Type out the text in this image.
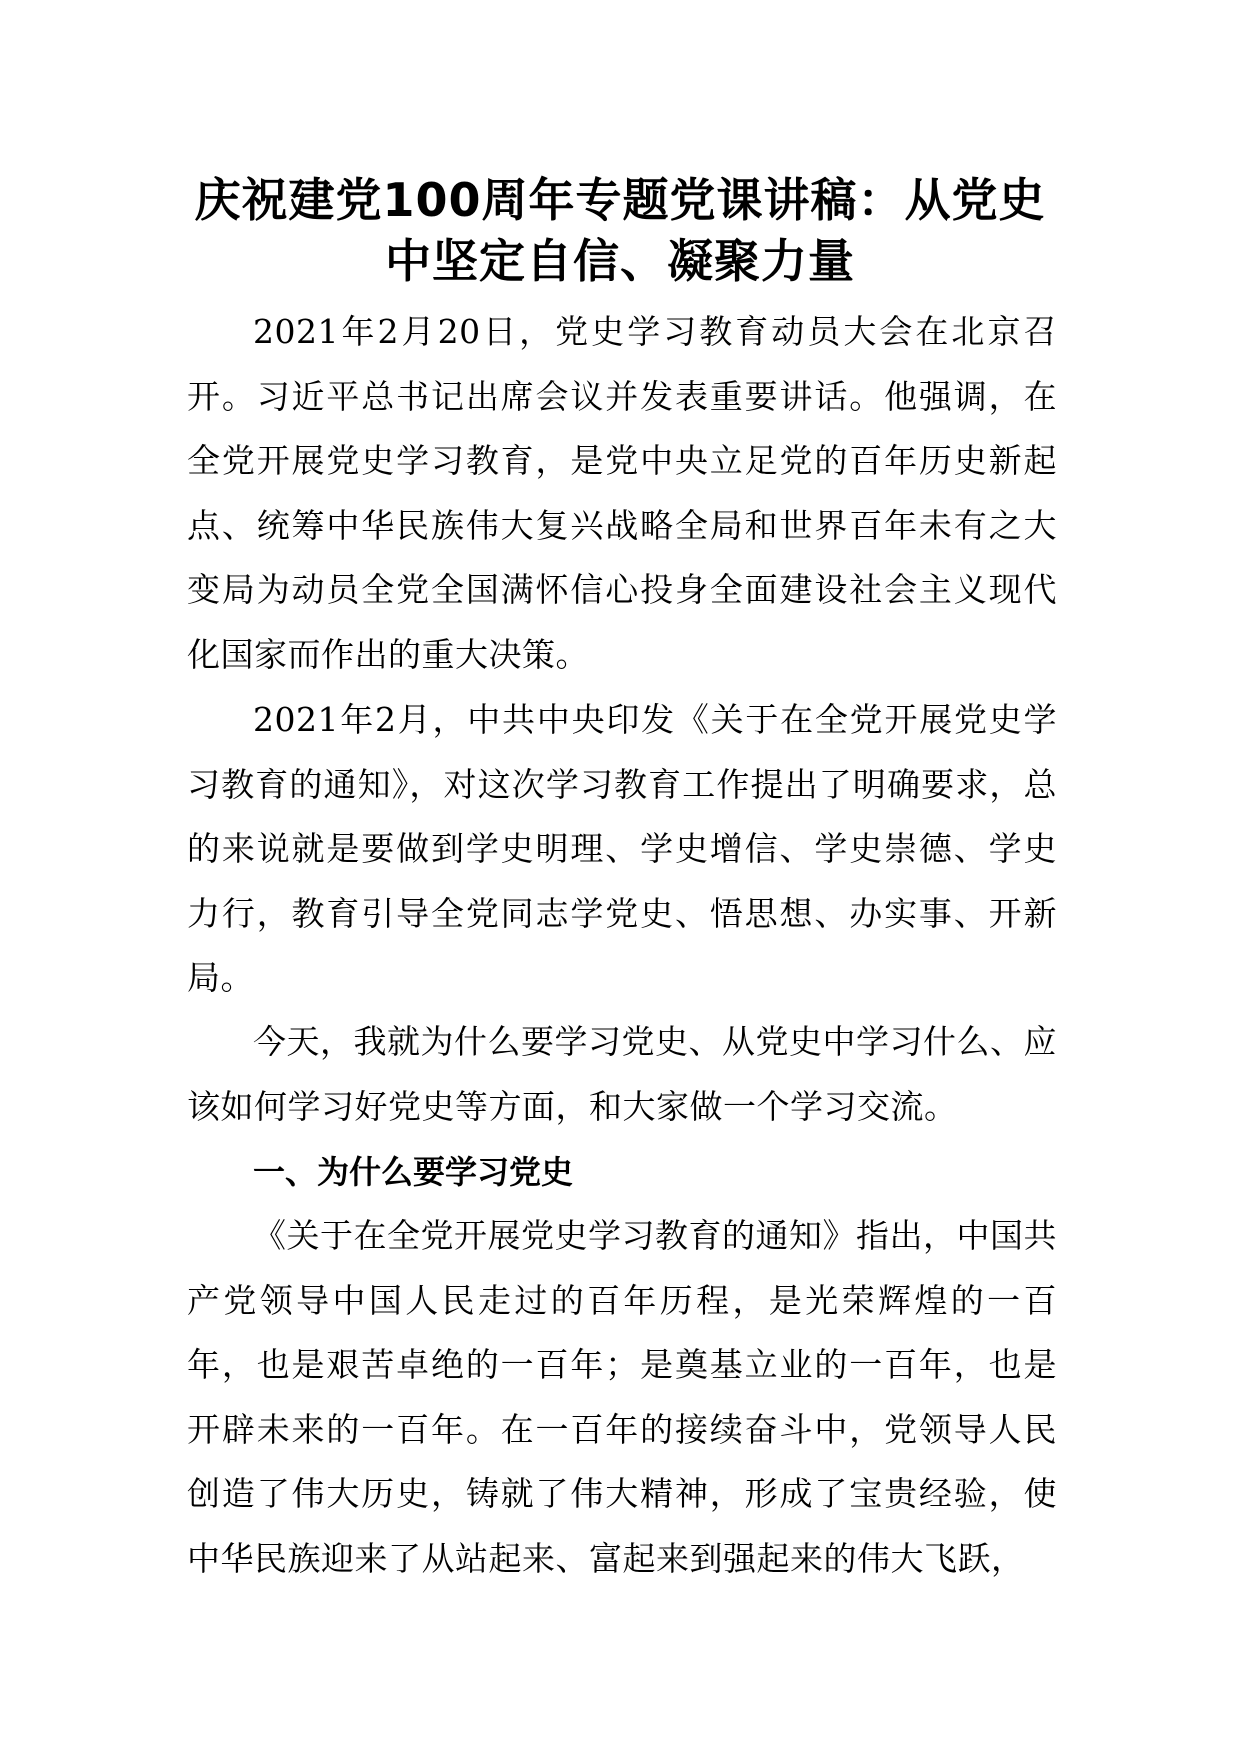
庆祝建党100周年专题党课讲稿：从党史
中坚定自信、凝聚力量

2021年2月20日，党史学习教育动员大会在北京召开。习近平总书记出席会议并发表重要讲话。他强调，在全党开展党史学习教育，是党中央立足党的百年历史新起点、统筹中华民族伟大复兴战略全局和世界百年未有之大变局为动员全党全国满怀信心投身全面建设社会主义现代化国家而作出的重大决策。

2021年2月，中共中央印发《关于在全党开展党史学习教育的通知》，对这次学习教育工作提出了明确要求，总的来说就是要做到学史明理、学史增信、学史崇德、学史力行，教育引导全党同志学党史、悟思想、办实事、开新局。

今天，我就为什么要学习党史、从党史中学习什么、应该如何学习好党史等方面，和大家做一个学习交流。

一、为什么要学习党史

《关于在全党开展党史学习教育的通知》指出，中国共产党领导中国人民走过的百年历程，是光荣辉煌的一百年，也是艰苦卓绝的一百年；是奠基立业的一百年，也是开辟未来的一百年。在一百年的接续奋斗中，党领导人民创造了伟大历史，铸就了伟大精神，形成了宝贵经验，使中华民族迎来了从站起来、富起来到强起来的伟大飞跃，
